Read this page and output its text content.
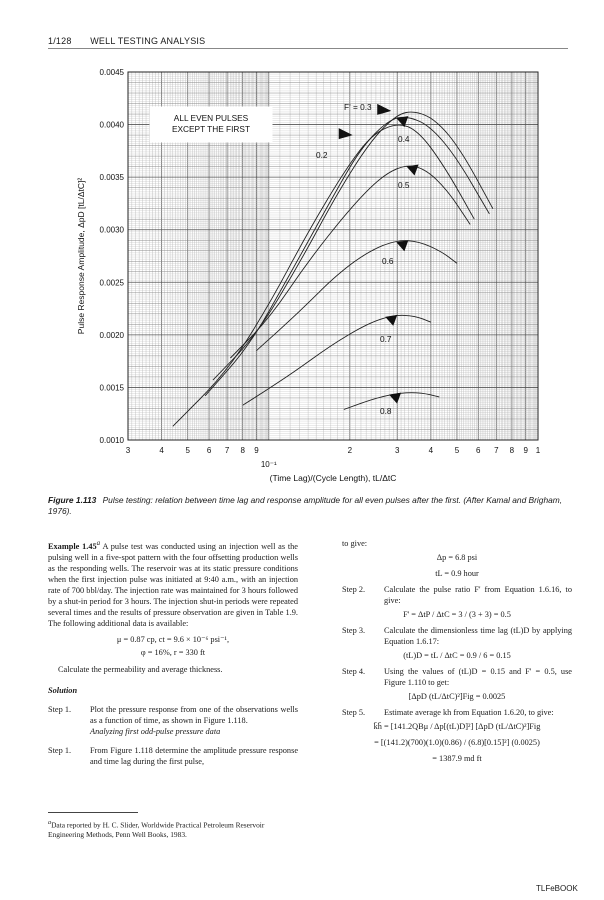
1/128 WELL TESTING ANALYSIS
0.0010
0.0015
0.0020
0.0025
0.0030
0.0035
0.0040
0.0045
3	4	5 6 7 8 9
10⁻¹
2	3	4	5 6 7 8 9 1
(Time Lag)/(Cycle Length), tL/ΔtC
Pulse Response Amplitude, ΔpD [tL/ΔtC]²
ALL EVEN PULSES
EXCEPT THE FIRST
F' = 0.3
0.4
0.2
0.5
0.6
0.7
0.8
Figure 1.113 Pulse testing: relation between time lag and response amplitude for all even pulses after the first. (After Kamal and Brigham, 1976).

Example 1.45$^a$ A pulse test was conducted using an injection well as the pulsing well in a five-spot pattern with the four offsetting production wells as the responding wells. The reservoir was at its static pressure conditions when the first injection pulse was initiated at 9:40 a.m., with an injection rate of 700 bbl/day. The injection rate was maintained for 3 hours followed by a shut-in period for 3 hours. The injection shut-in periods were repeated several times and the results of pressure observation are given in Table 1.9. The following additional data is available:

μ = 0.87 cp, ct = 9.6 × 10⁻⁶ psi⁻¹,

φ = 16%, r = 330 ft

Calculate the permeability and average thickness.

Solution

Step 1.	Plot the pressure response from one of the observations wells as a function of time, as shown in Figure 1.118.

Analyzing first odd-pulse pressure data

Step 1.	From Figure 1.118 determine the amplitude pressure response and time lag during the first pulse,
$^a$Data reported by H. C. Slider, Worldwide Practical Petroleum Reservoir Engineering Methods, Penn Well Books, 1983.

to give:

Δp = 6.8 psi

tL = 0.9 hour

Step 2.	Calculate the pulse ratio F' from Equation 1.6.16, to give:

F' = ΔtP / ΔtC = 3 / (3 + 3) = 0.5

Step 3.	Calculate the dimensionless time lag (tL)D by applying Equation 1.6.17:

(tL)D = tL / ΔtC = 0.9 / 6 = 0.15

Step 4.	Using the values of (tL)D = 0.15 and F' = 0.5, use Figure 1.110 to get:

[ΔpD (tL/ΔtC)²]Fig = 0.0025

Step 5.	Estimate average kh from Equation 1.6.20, to give:

k̄h̄ = [141.2QBμ / Δp[(tL)D]²] [ΔpD (tL/ΔtC)²]Fig

= [(141.2)(700)(1.0)(0.86) / (6.8)[0.15]²] (0.0025)

= 1387.9 md ft

TLFeBOOK
